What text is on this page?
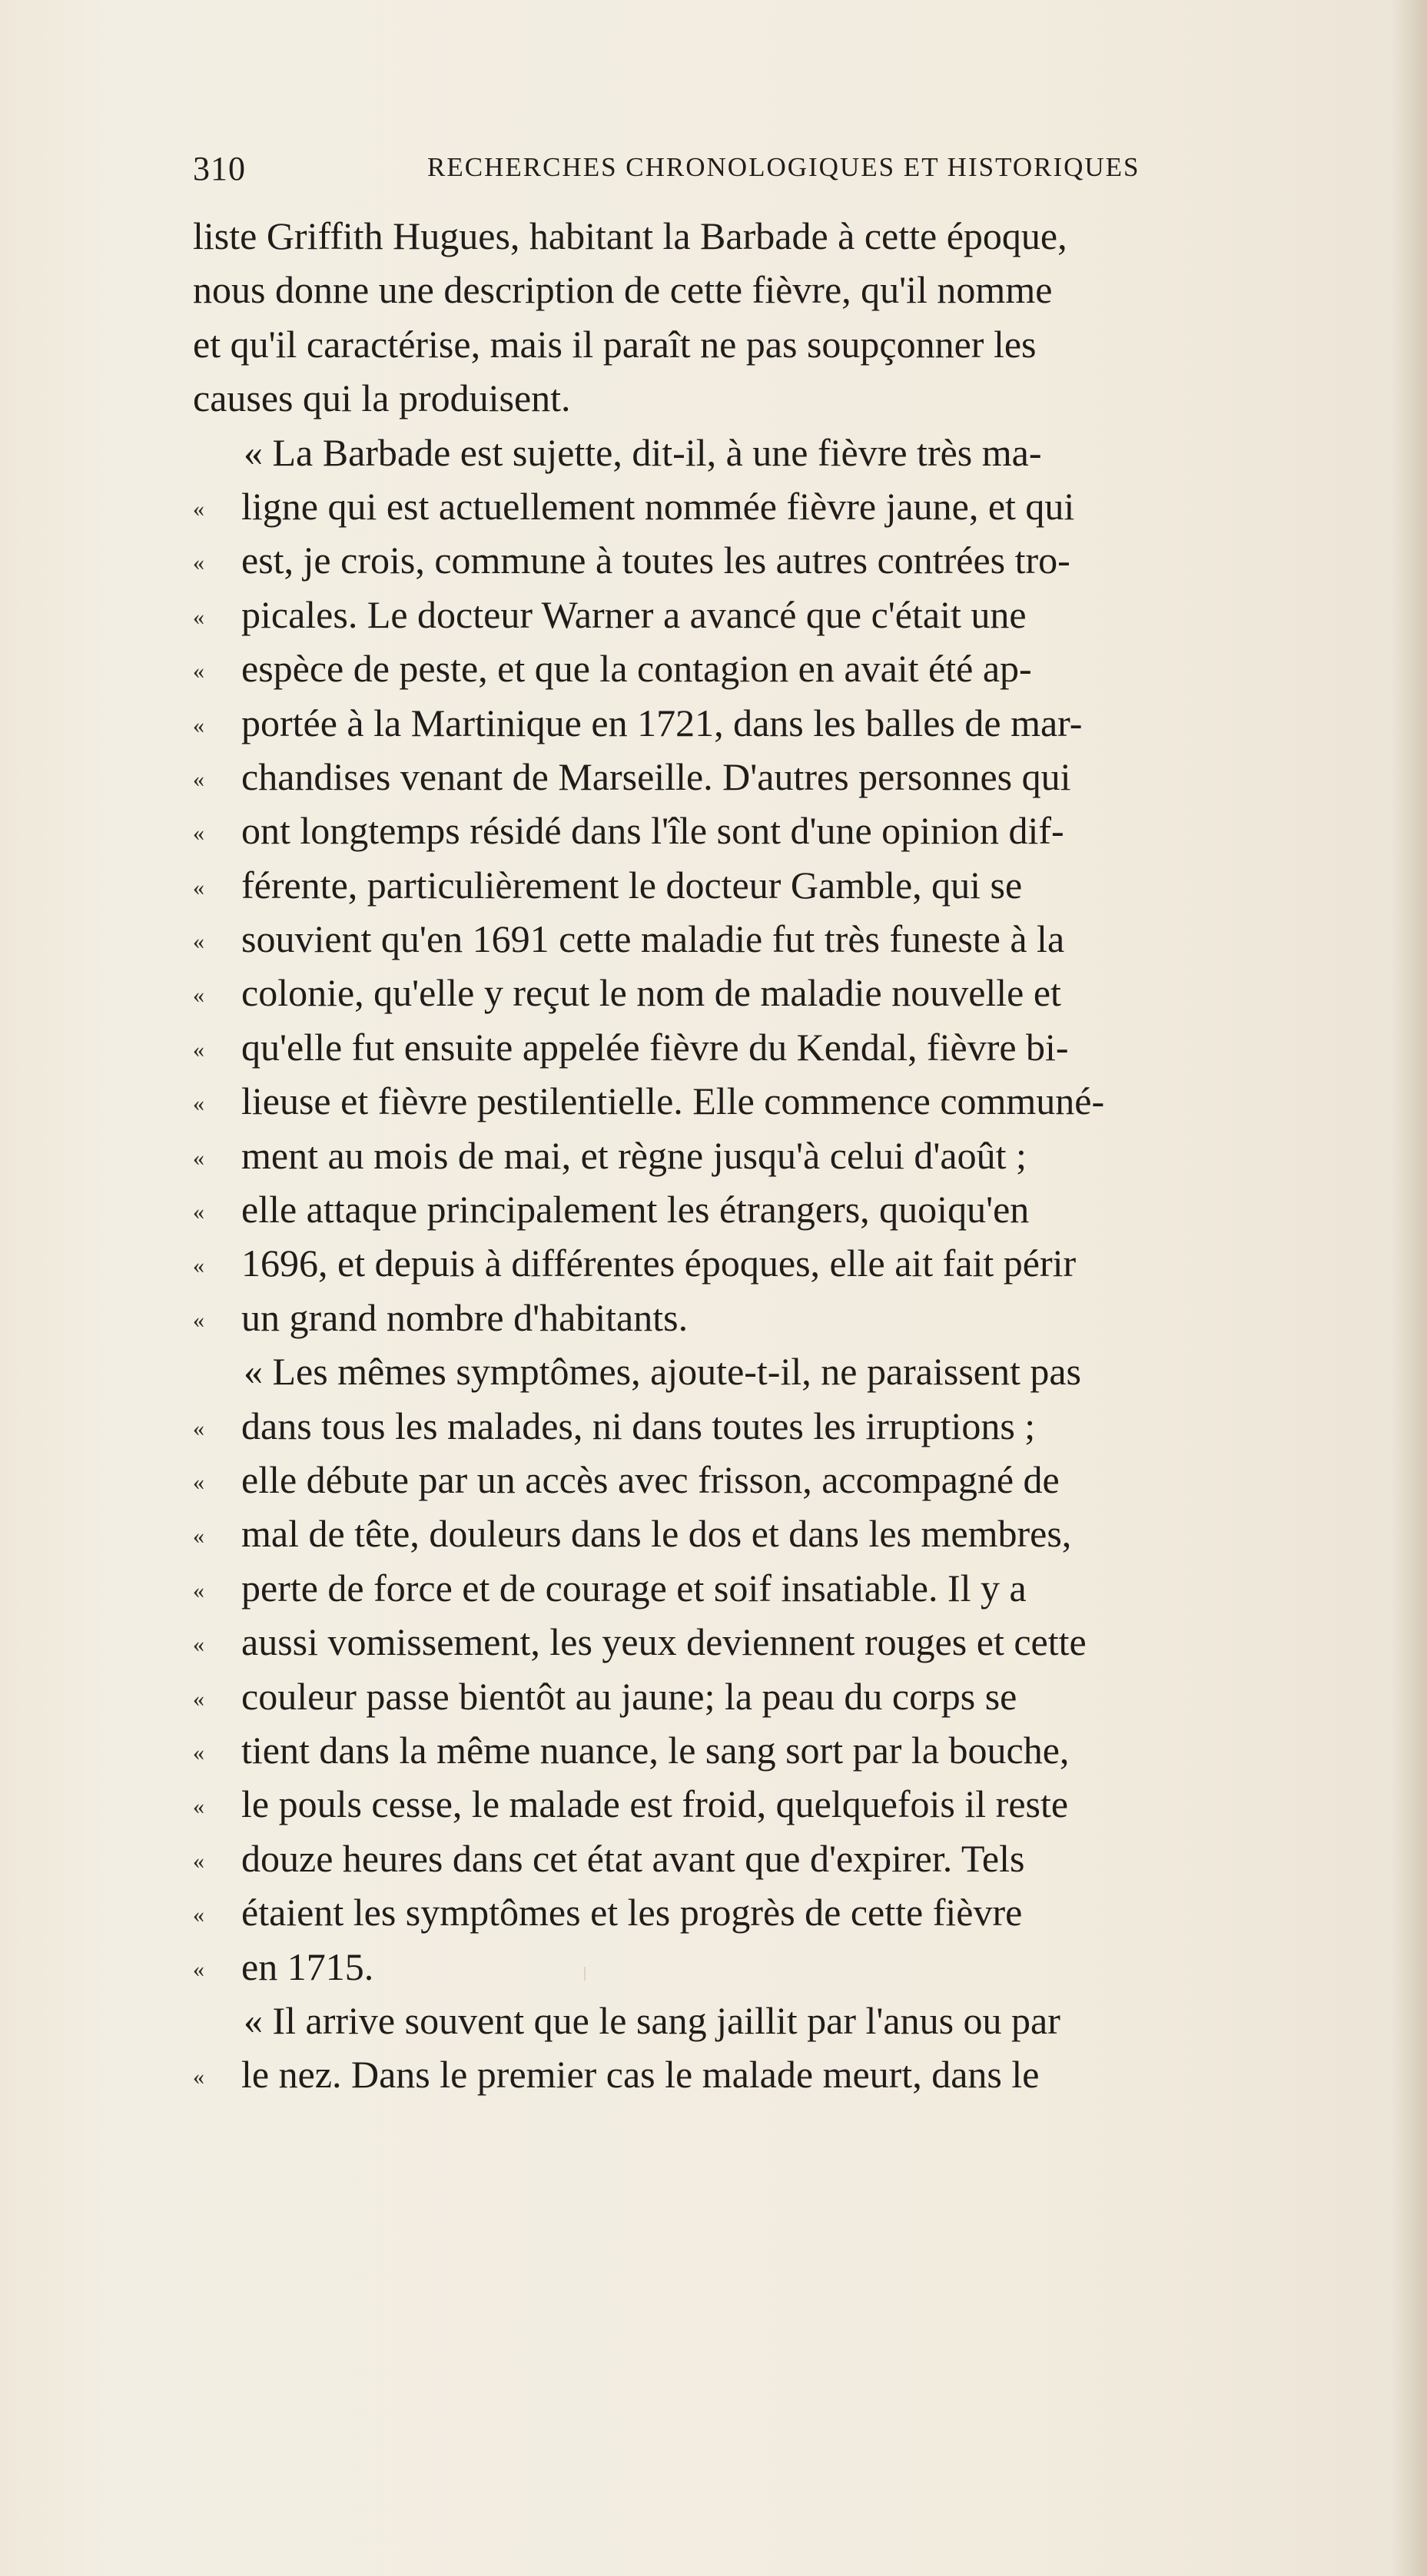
310	RECHERCHES CHRONOLOGIQUES ET HISTORIQUES
liste Griffith Hugues, habitant la Barbade à cette époque,
nous donne une description de cette fièvre, qu'il nomme
et qu'il caractérise, mais il paraît ne pas soupçonner les
causes qui la produisent.
« La Barbade est sujette, dit-il, à une fièvre très ma-
« ligne qui est actuellement nommée fièvre jaune, et qui
« est, je crois, commune à toutes les autres contrées tro-
« picales. Le docteur Warner a avancé que c'était une
« espèce de peste, et que la contagion en avait été ap-
« portée à la Martinique en 1721, dans les balles de mar-
« chandises venant de Marseille. D'autres personnes qui
« ont longtemps résidé dans l'île sont d'une opinion dif-
« férente, particulièrement le docteur Gamble, qui se
« souvient qu'en 1691 cette maladie fut très funeste à la
« colonie, qu'elle y reçut le nom de maladie nouvelle et
« qu'elle fut ensuite appelée fièvre du Kendal, fièvre bi-
« lieuse et fièvre pestilentielle. Elle commence communé-
« ment au mois de mai, et règne jusqu'à celui d'août ;
« elle attaque principalement les étrangers, quoiqu'en
« 1696, et depuis à différentes époques, elle ait fait périr
« un grand nombre d'habitants.
« Les mêmes symptômes, ajoute-t-il, ne paraissent pas
« dans tous les malades, ni dans toutes les irruptions ;
« elle débute par un accès avec frisson, accompagné de
« mal de tête, douleurs dans le dos et dans les membres,
« perte de force et de courage et soif insatiable. Il y a
« aussi vomissement, les yeux deviennent rouges et cette
« couleur passe bientôt au jaune; la peau du corps se
« tient dans la même nuance, le sang sort par la bouche,
« le pouls cesse, le malade est froid, quelquefois il reste
« douze heures dans cet état avant que d'expirer. Tels
« étaient les symptômes et les progrès de cette fièvre
« en 1715.
« Il arrive souvent que le sang jaillit par l'anus ou par
« le nez. Dans le premier cas le malade meurt, dans le
